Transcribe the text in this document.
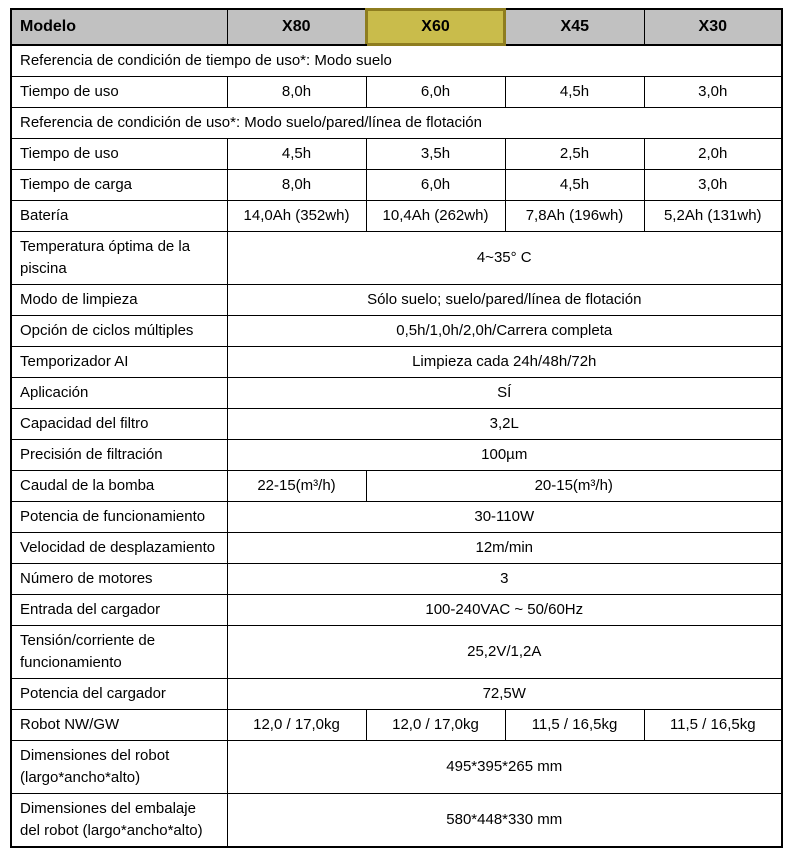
Modelo	X80	X60	X45	X30
Referencia de condición de tiempo de uso*: Modo suelo				
Tiempo de uso	8,0h	6,0h	4,5h	3,0h
Referencia de condición de uso*: Modo suelo/pared/línea de flotación				
Tiempo de uso	4,5h	3,5h	2,5h	2,0h
Tiempo de carga	8,0h	6,0h	4,5h	3,0h
Batería	14,0Ah (352wh)	10,4Ah (262wh)	7,8Ah (196wh)	5,2Ah (131wh)
Temperatura óptima de la piscina	4~35° C			
Modo de limpieza	Sólo suelo; suelo/pared/línea de flotación			
Opción de ciclos múltiples	0,5h/1,0h/2,0h/Carrera completa			
Temporizador AI	Limpieza cada 24h/48h/72h			
Aplicación	SÍ			
Capacidad del filtro	3,2L			
Precisión de filtración	100µm			
Caudal de la bomba	22-15(m³/h)	20-15(m³/h)		
Potencia de funcionamiento	30-110W			
Velocidad de desplazamiento	12m/min			
Número de motores	3			
Entrada del cargador	100-240VAC ~ 50/60Hz			
Tensión/corriente de funcionamiento	25,2V/1,2A			
Potencia del cargador	72,5W			
Robot NW/GW	12,0 / 17,0kg	12,0 / 17,0kg	11,5 / 16,5kg	11,5 / 16,5kg
Dimensiones del robot (largo*ancho*alto)	495*395*265 mm			
Dimensiones del embalaje del robot (largo*ancho*alto)	580*448*330 mm			
